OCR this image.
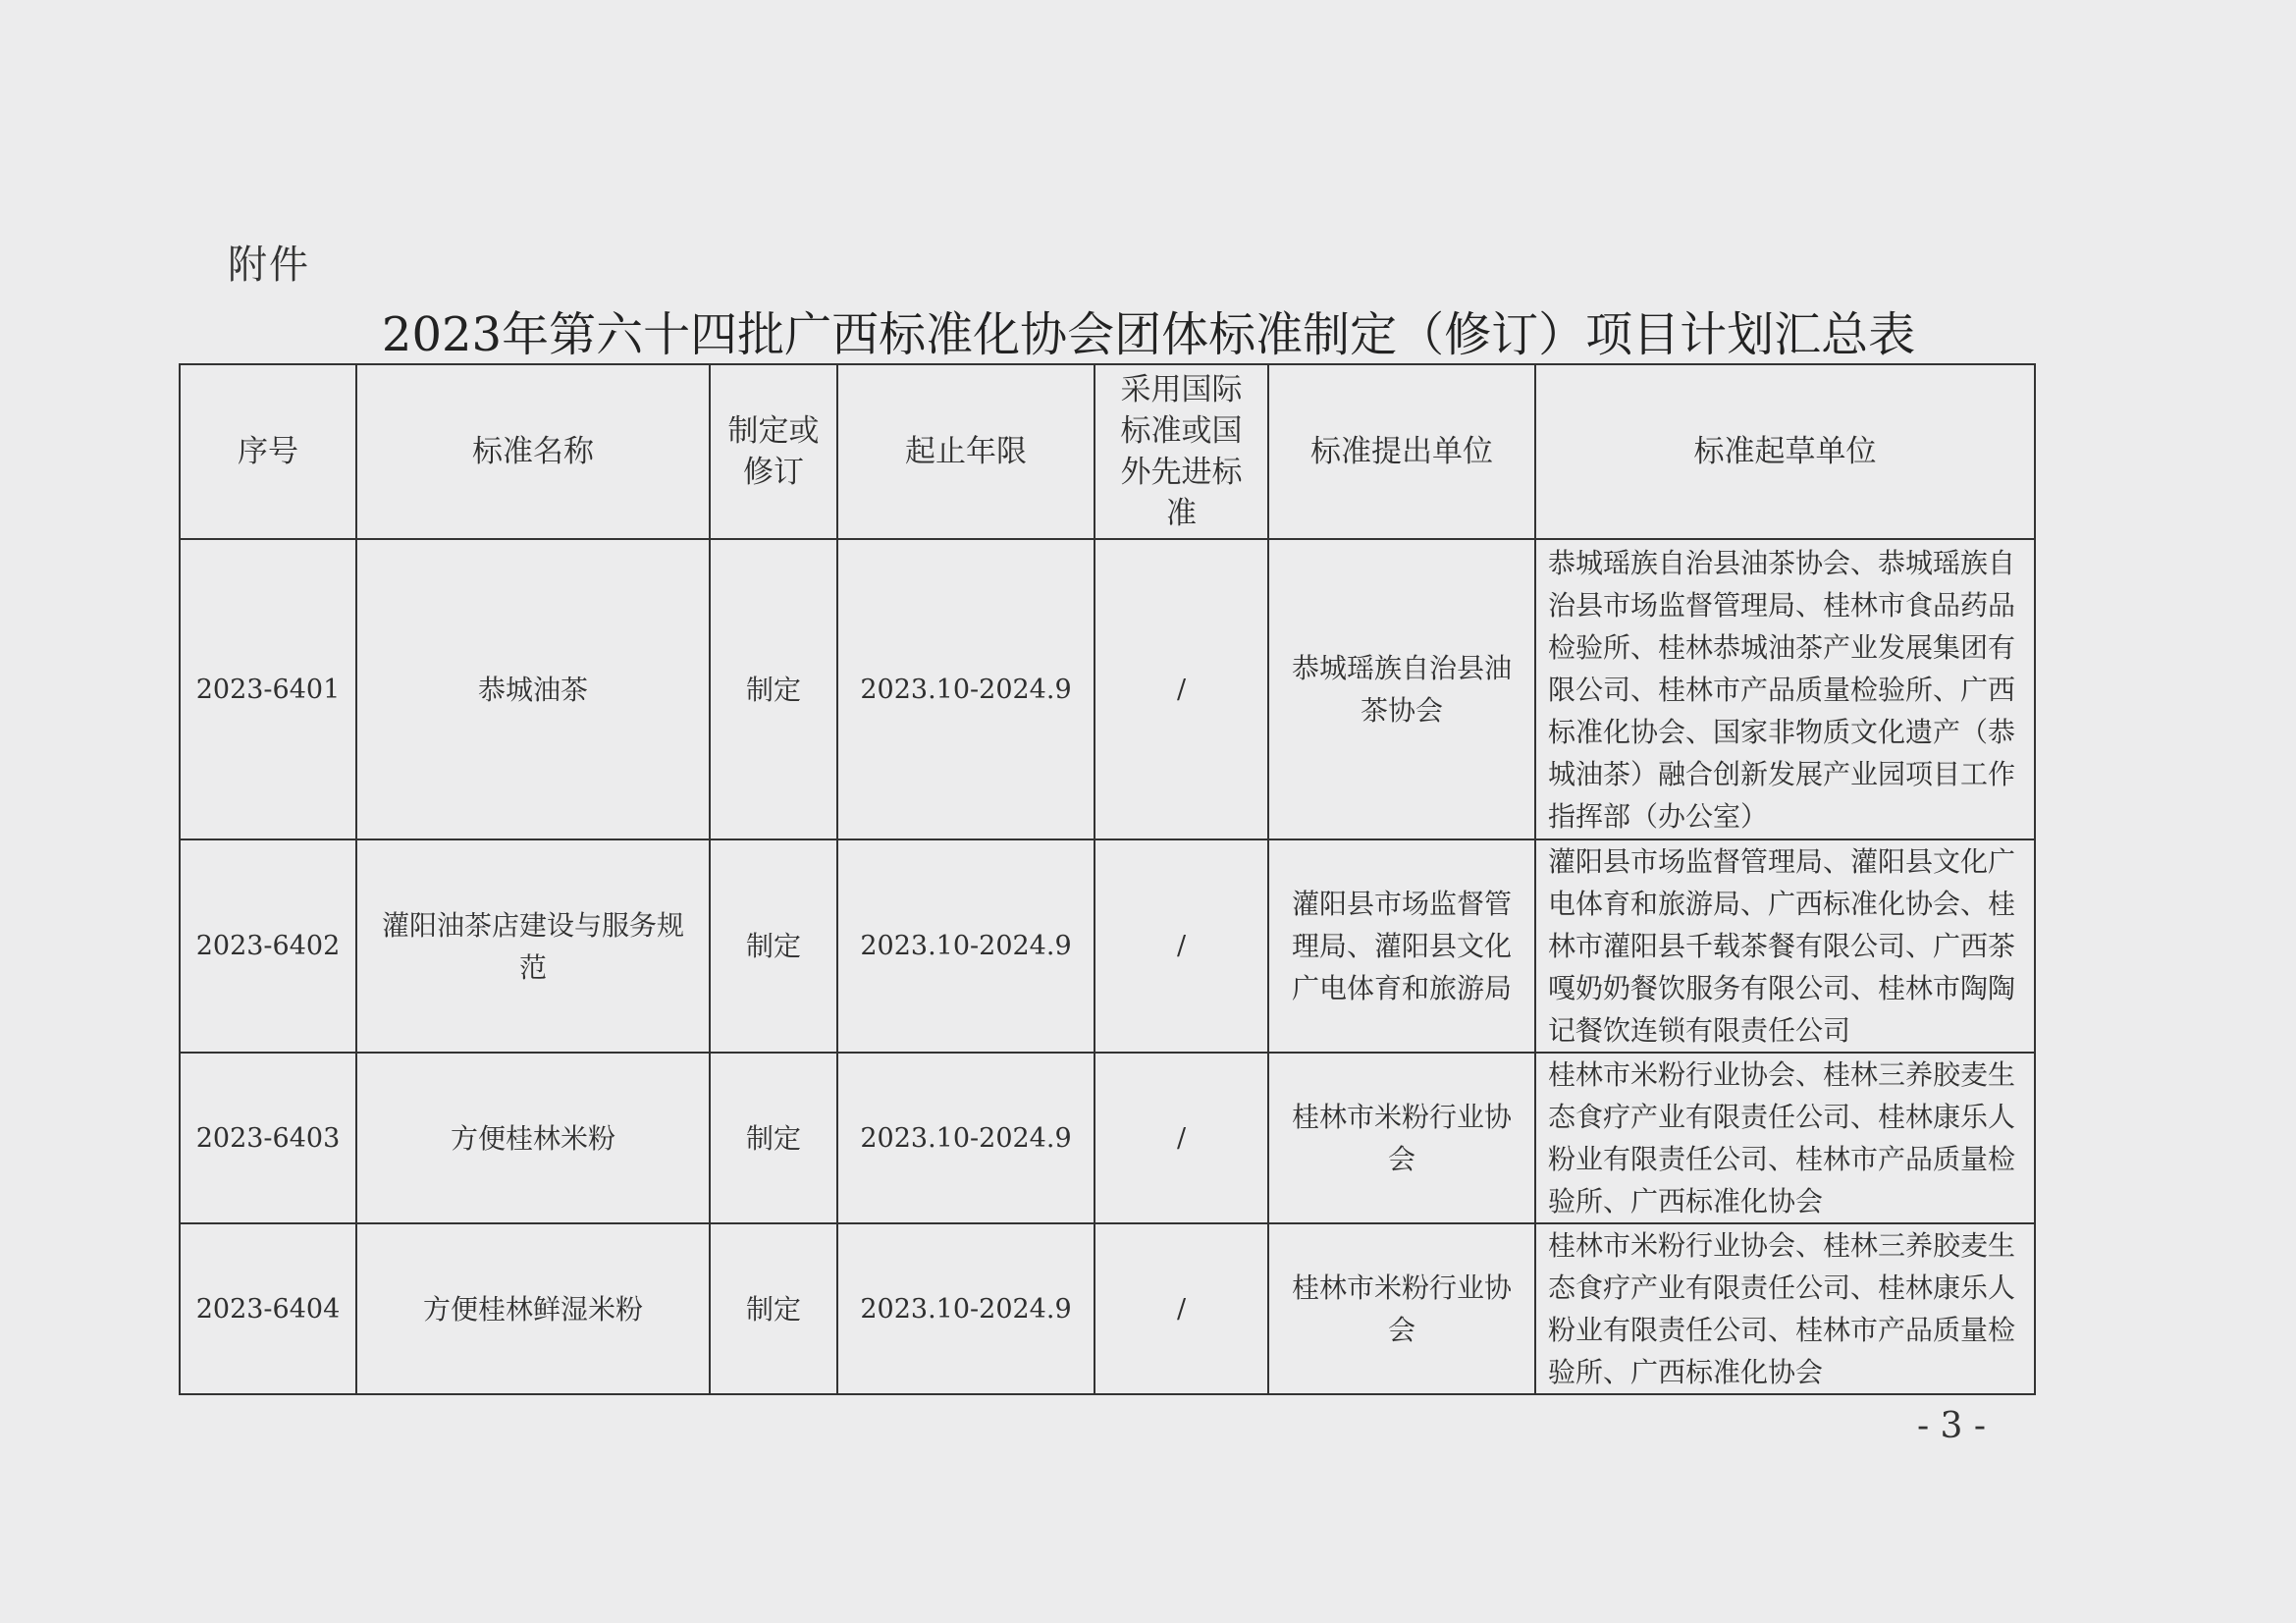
附件
2023年第六十四批广西标准化协会团体标准制定（修订）项目计划汇总表
序号	标准名称	制定或修订	起止年限	采用国际标准或国外先进标准	标准提出单位	标准起草单位
2023-6401	恭城油茶	制定	2023.10-2024.9	/	恭城瑶族自治县油茶协会	恭城瑶族自治县油茶协会、恭城瑶族自治县市场监督管理局、桂林市食品药品检验所、桂林恭城油茶产业发展集团有限公司、桂林市产品质量检验所、广西标准化协会、国家非物质文化遗产（恭城油茶）融合创新发展产业园项目工作指挥部（办公室）
2023-6402	灌阳油茶店建设与服务规范	制定	2023.10-2024.9	/	灌阳县市场监督管理局、灌阳县文化广电体育和旅游局	灌阳县市场监督管理局、灌阳县文化广电体育和旅游局、广西标准化协会、桂林市灌阳县千载茶餐有限公司、广西茶嘎奶奶餐饮服务有限公司、桂林市陶陶记餐饮连锁有限责任公司
2023-6403	方便桂林米粉	制定	2023.10-2024.9	/	桂林市米粉行业协会	桂林市米粉行业协会、桂林三养胶麦生态食疗产业有限责任公司、桂林康乐人粉业有限责任公司、桂林市产品质量检验所、广西标准化协会
2023-6404	方便桂林鲜湿米粉	制定	2023.10-2024.9	/	桂林市米粉行业协会	桂林市米粉行业协会、桂林三养胶麦生态食疗产业有限责任公司、桂林康乐人粉业有限责任公司、桂林市产品质量检验所、广西标准化协会
- 3 -
